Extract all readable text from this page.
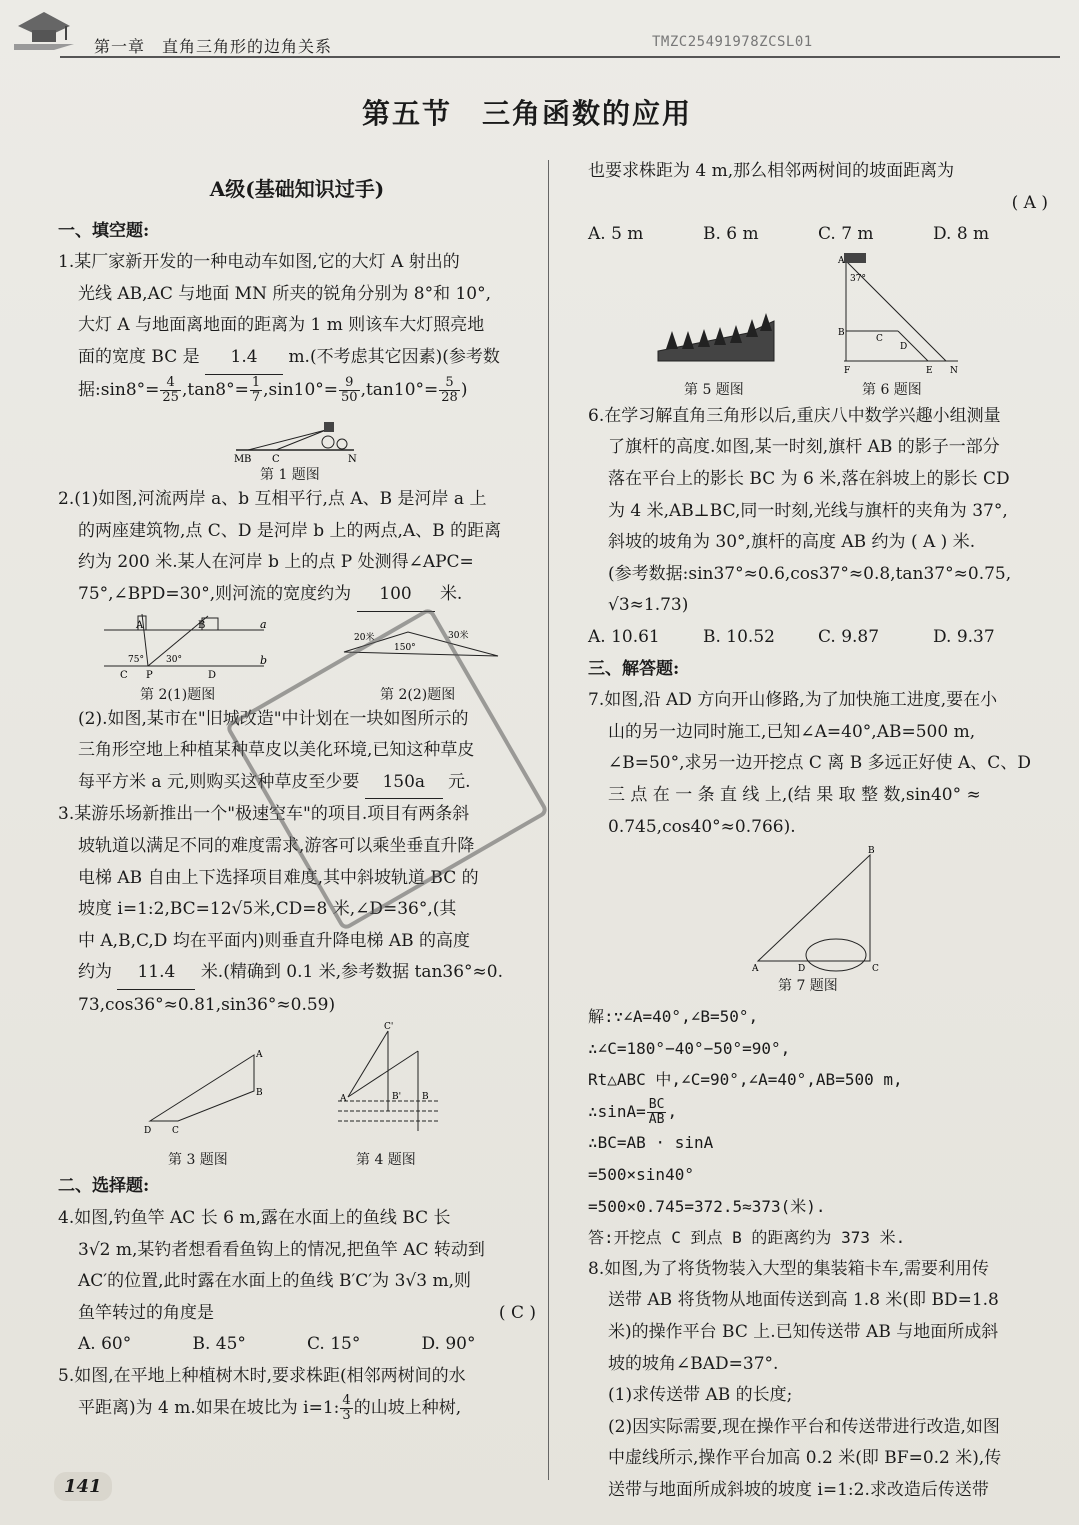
第一章　直角三角形的边角关系	TMZC25491978ZCSL01
第五节　三角函数的应用

A级(基础知识过手)

一、填空题:

1.某厂家新开发的一种电动车如图,它的大灯 A 射出的

光线 AB,AC 与地面 MN 所夹的锐角分别为 8°和 10°,

大灯 A 与地面离地面的距离为 1 m 则该车大灯照亮地

面的宽度 BC 是 1.4 m.(不考虑其它因素)(参考数

据:sin8°= $\frac{4}{25} ,\tan 8^\circ= \frac{1}{7} ,\sin 10^\circ= \frac{9}{50} ,\tan 10^\circ= \frac{5}{28}$ )

M B C	N
第 1 题图

2.(1)如图,河流两岸 a、b 互相平行,点 A、B 是河岸 a 上

的两座建筑物,点 C、D 是河岸 b 上的两点,A、B 的距离

约为 200 米.某人在河岸 b 上的点 P 处测得∠APC=

75°,∠BPD=30°,则河流的宽度约为 100 米.

a
b
A	B
C P	D
75° 30°
20米	30米
150°
第 2(1)题图	第 2(2)题图

(2).如图,某市在"旧城改造"中计划在一块如图所示的

三角形空地上种植某种草皮以美化环境,已知这种草皮

每平方米 a 元,则购买这种草皮至少要 150a 元.

3.某游乐场新推出一个"极速空车"的项目.项目有两条斜

坡轨道以满足不同的难度需求,游客可以乘坐垂直升降

电梯 AB 自由上下选择项目难度,其中斜坡轨道 BC 的

坡度 i=1:2,BC=12√5米,CD=8 米,∠D=36°,(其

中 A,B,C,D 均在平面内)则垂直升降电梯 AB 的高度

约为 11.4 米.(精确到 0.1 米,参考数据 tan36°≈0.

73,cos36°≈0.81,sin36°≈0.59)

A
B
C
D
C'
A	B' B
第 3 题图	第 4 题图

二、选择题:

4.如图,钓鱼竿 AC 长 6 m,露在水面上的鱼线 BC 长

3√2 m,某钓者想看看鱼钩上的情况,把鱼竿 AC 转动到

AC′的位置,此时露在水面上的鱼线 B′C′为 3√3 m,则

鱼竿转过的角度是	( C )

A. 60°	B. 45°	C. 15°	D. 90°

5.如图,在平地上种植树木时,要求株距(相邻两树间的水

平距离)为 4 m.如果在坡比为 i=1: $\frac{4}{3}$ 的山坡上种树,

也要求株距为 4 m,那么相邻两树间的坡面距离为

( A )

A. 5 m	B. 6 m	C. 7 m	D. 8 m
A
37°
B
C
D
F	E N
第 5 题图	第 6 题图

6.在学习解直角三角形以后,重庆八中数学兴趣小组测量

了旗杆的高度.如图,某一时刻,旗杆 AB 的影子一部分

落在平台上的影长 BC 为 6 米,落在斜坡上的影长 CD

为 4 米,AB⊥BC,同一时刻,光线与旗杆的夹角为 37°,

斜坡的坡角为 30°,旗杆的高度 AB 约为 ( A ) 米.

(参考数据:sin37°≈0.6,cos37°≈0.8,tan37°≈0.75,

√3≈1.73)

A. 10.61	B. 10.52	C. 9.87	D. 9.37

三、解答题:

7.如图,沿 AD 方向开山修路,为了加快施工进度,要在小

山的另一边同时施工,已知∠A=40°,AB=500 m,

∠B=50°,求另一边开挖点 C 离 B 多远正好使 A、C、D

三 点 在 一 条 直 线 上,(结 果 取 整 数,sin40° ≈

0.745,cos40°≈0.766).

A
B
C
D
第 7 题图

解:∵∠A=40°,∠B=50°,

∴∠C=180°−40°−50°=90°,

Rt△ABC 中,∠C=90°,∠A=40°,AB=500 m,

∴sinA= $\frac{BC}{AB}$ ,

∴BC=AB · sinA

=500×sin40°

=500×0.745=372.5≈373(米).

答:开挖点 C 到点 B 的距离约为 373 米.

8.如图,为了将货物装入大型的集装箱卡车,需要利用传

送带 AB 将货物从地面传送到高 1.8 米(即 BD=1.8

米)的操作平台 BC 上.已知传送带 AB 与地面所成斜

坡的坡角∠BAD=37°.

(1)求传送带 AB 的长度;

(2)因实际需要,现在操作平台和传送带进行改造,如图

中虚线所示,操作平台加高 0.2 米(即 BF=0.2 米),传

送带与地面所成斜坡的坡度 i=1:2.求改造后传送带

141
